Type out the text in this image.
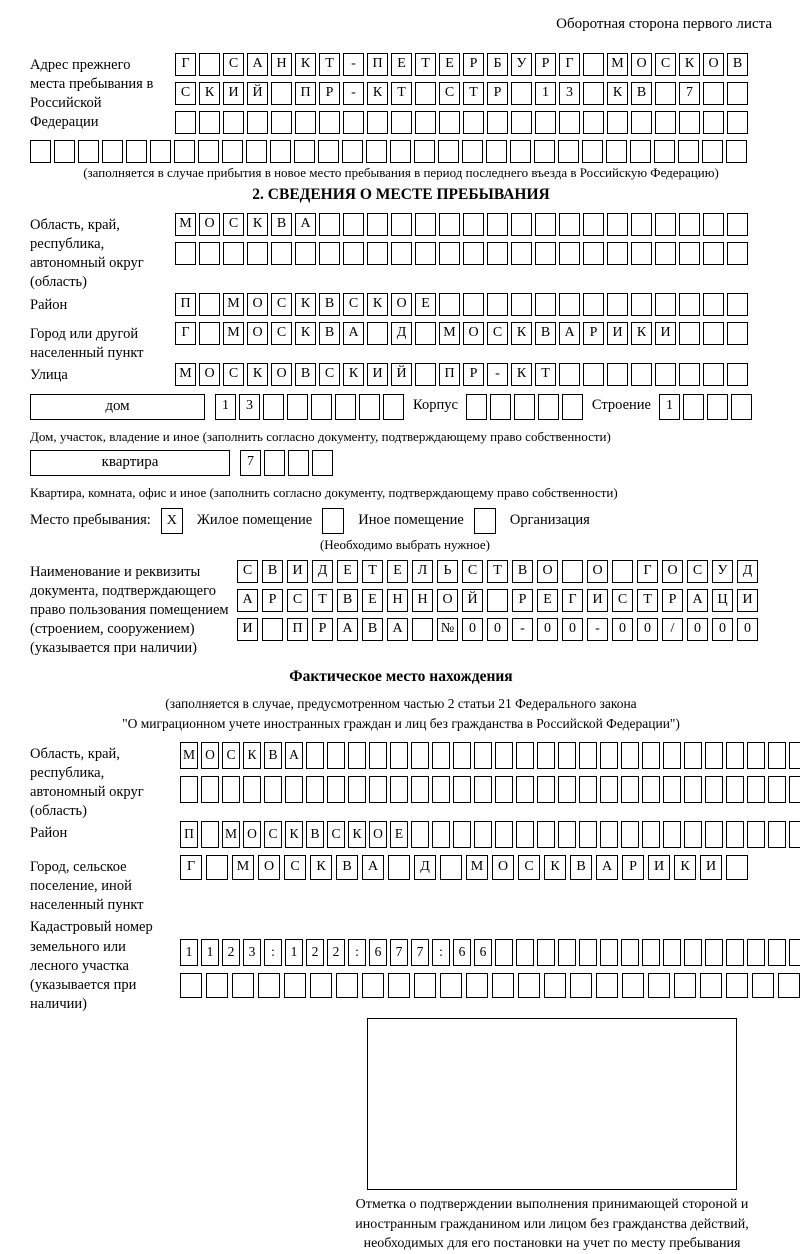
Оборотная сторона первого листа
Адрес прежнего места пребывания в Российской Федерации
Г	С А Н К Т - П Е Т Е Р Б У Р Г	М О С К О В
С К И Й	П Р - К Т	С Т Р	1 3	К В	7
(заполняется в случае прибытия в новое место пребывания в период последнего въезда в Российскую Федерацию)
2. СВЕДЕНИЯ О МЕСТЕ ПРЕБЫВАНИЯ
Область, край, республика, автономный округ (область)
М О С К В А
Район	П	М О С К В С К О Е
Город или другой населенный пункт
Г	М О С К В А	Д	М О С К В А Р И К И
Улица	М О С К О В С К И Й	П Р - К Т
дом	1 3	Корпус	Строение	1
Дом, участок, владение и иное (заполнить согласно документу, подтверждающему право собственности)
квартира	7
Квартира, комната, офис и иное (заполнить согласно документу, подтверждающему право собственности)
Место пребывания:	X	Жилое помещение	Иное помещение	Организация
(Необходимо выбрать нужное)
Наименование и реквизиты документа, подтверждающего право пользования помещением (строением, сооружением) (указывается при наличии)
С В И Д Е Т Е Л Ь С Т В О	О	Г О С У Д
А Р С Т В Е Н Н О Й	Р Е Г И С Т Р А Ц И
И	П Р А В А	№ 0 0 - 0 0 - 0 0 / 0 0 0
Фактическое место нахождения
(заполняется в случае, предусмотренном частью 2 статьи 21 Федерального закона
"О миграционном учете иностранных граждан и лиц без гражданства в Российской Федерации")
Область, край, республика, автономный округ (область)
М О С К В А
Район	П М О С К В С К О Е
Город, сельское поселение, иной населенный пункт
Г	М О С К В А	Д	М О С К В А Р И К И
Кадастровый номер земельного или лесного участка (указывается при наличии)
1 1 2 3 : 1 2 2 : 6 7 7 : 6 6
Отметка о подтверждении выполнения принимающей стороной и иностранным гражданином или лицом без гражданства действий, необходимых для его постановки на учет по месту пребывания
